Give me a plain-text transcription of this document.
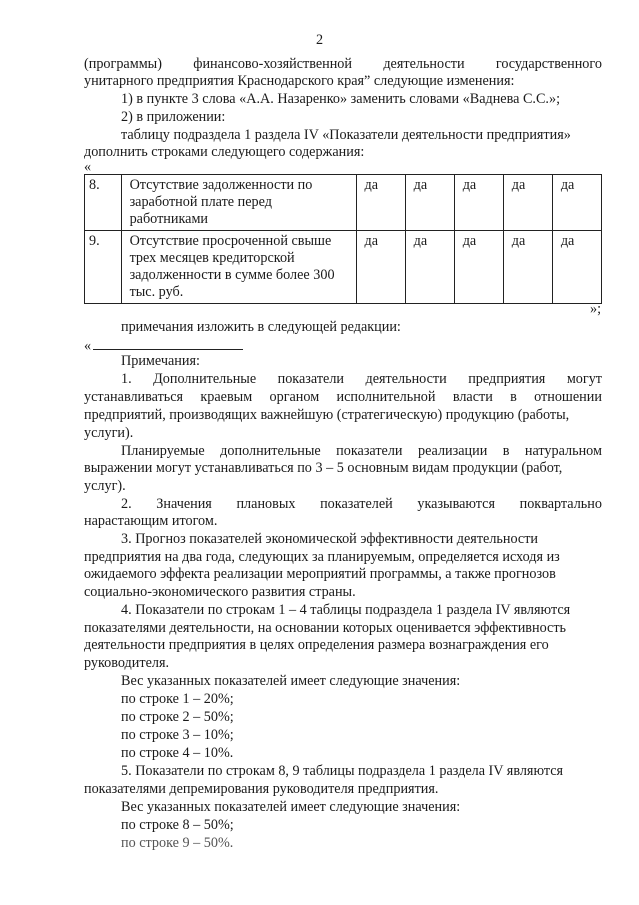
2
(программы) финансово-хозяйственной деятельности государственного
унитарного предприятия Краснодарского края” следующие изменения:
1) в пункте 3 слова «А.А. Назаренко» заменить словами «Ваднева С.С.»;
2) в приложении:
таблицу подраздела 1 раздела IV «Показатели деятельности предприятия»
дополнить строками следующего содержания:
«
8.	Отсутствие задолженности по
заработной плате перед
работниками	да	да	да	да	да
9.	Отсутствие просроченной свыше
трех месяцев кредиторской
задолженности в сумме более 300
тыс. руб.	да	да	да	да	да
»;
примечания изложить в следующей редакции:
«
Примечания:
1. Дополнительные показатели деятельности предприятия могут
устанавливаться краевым органом исполнительной власти в отношении
предприятий, производящих важнейшую (стратегическую) продукцию (работы,
услуги).
Планируемые дополнительные показатели реализации в натуральном
выражении могут устанавливаться по 3 – 5 основным видам продукции (работ,
услуг).
2. Значения плановых показателей указываются поквартально
нарастающим итогом.
3. Прогноз показателей экономической эффективности деятельности
предприятия на два года, следующих за планируемым, определяется исходя из
ожидаемого эффекта реализации мероприятий программы, а также прогнозов
социально-экономического развития страны.
4. Показатели по строкам 1 – 4 таблицы подраздела 1 раздела IV являются
показателями деятельности, на основании которых оценивается эффективность
деятельности предприятия в целях определения размера вознаграждения его
руководителя.
Вес указанных показателей имеет следующие значения:
по строке 1 – 20%;
по строке 2 – 50%;
по строке 3 – 10%;
по строке 4 – 10%.
5. Показатели по строкам 8, 9 таблицы подраздела 1 раздела IV являются
показателями депремирования руководителя предприятия.
Вес указанных показателей имеет следующие значения:
по строке 8 – 50%;
по строке 9 – 50%.
